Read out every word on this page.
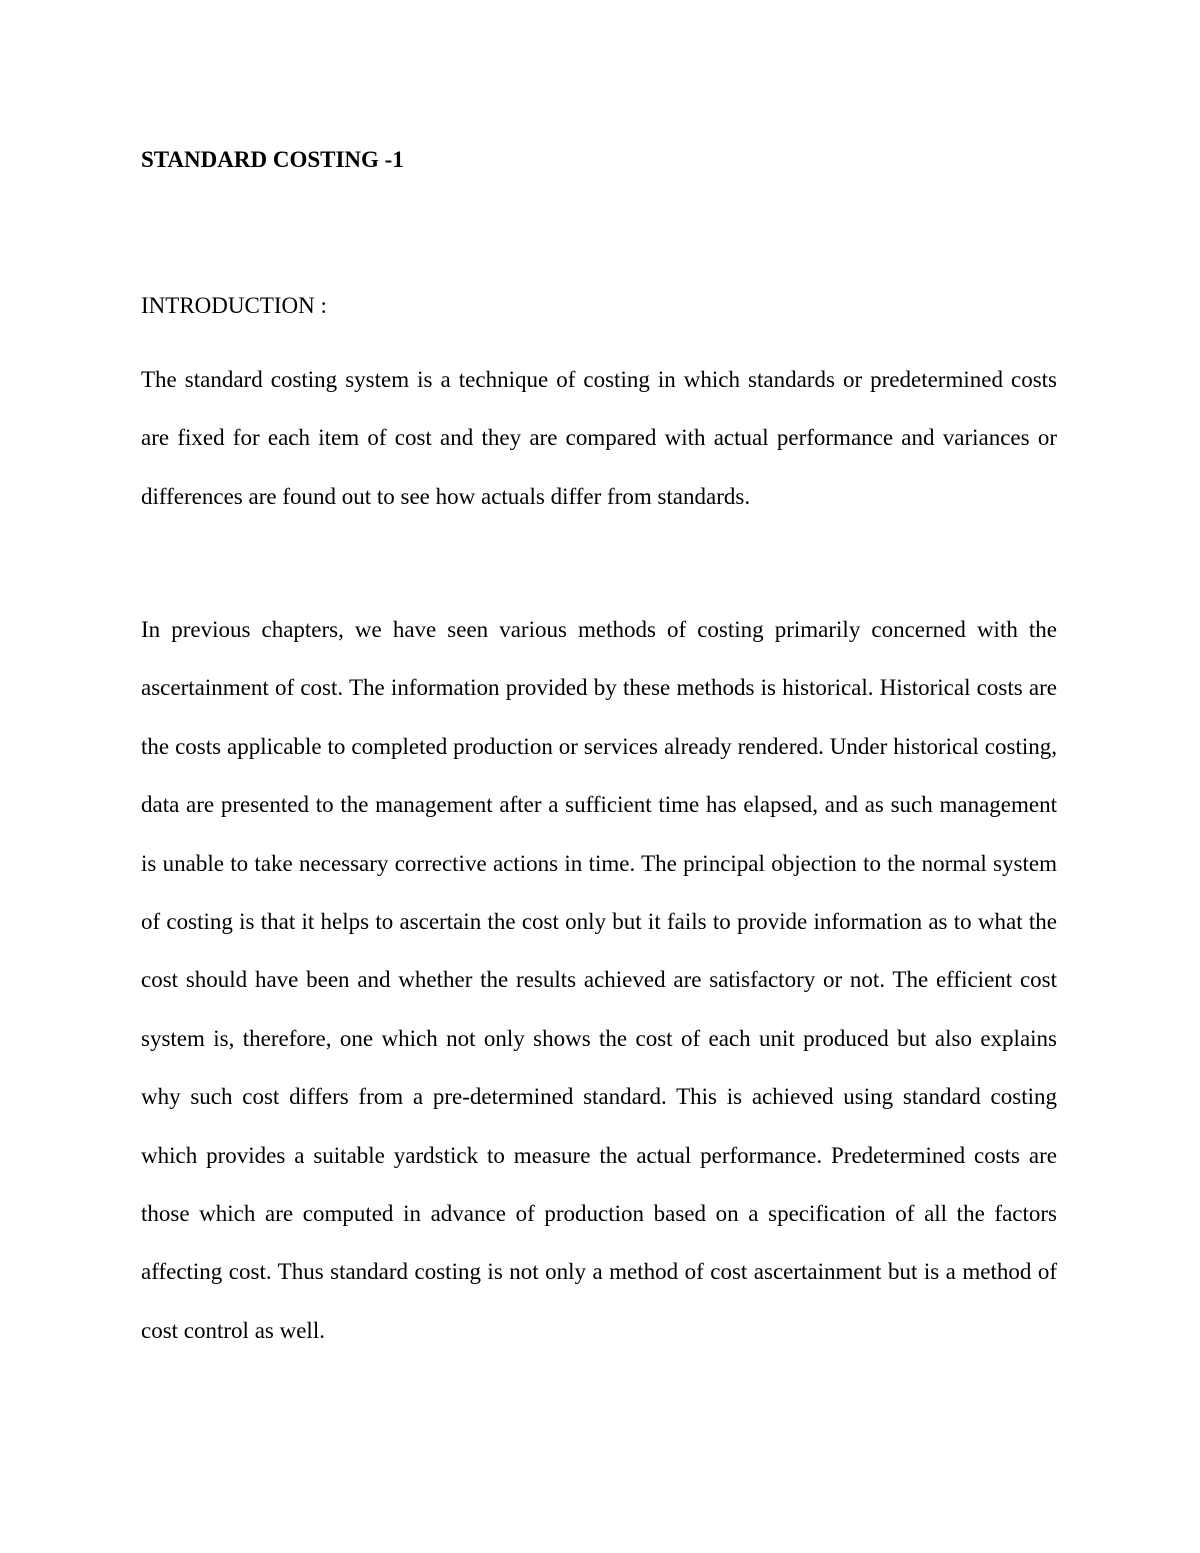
STANDARD COSTING -1
INTRODUCTION :

The standard costing system is a technique of costing in which standards or predetermined costs are fixed for each item of cost and they are compared with actual performance and variances or differences are found out to see how actuals differ from standards.

In previous chapters, we have seen various methods of costing primarily concerned with the ascertainment of cost. The information provided by these methods is historical. Historical costs are the costs applicable to completed production or services already rendered. Under historical costing, data are presented to the management after a sufficient time has elapsed, and as such management is unable to take necessary corrective actions in time. The principal objection to the normal system of costing is that it helps to ascertain the cost only but it fails to provide information as to what the cost should have been and whether the results achieved are satisfactory or not. The efficient cost system is, therefore, one which not only shows the cost of each unit produced but also explains why such cost differs from a pre-determined standard. This is achieved using standard costing which provides a suitable yardstick to measure the actual performance. Predetermined costs are those which are computed in advance of production based on a specification of all the factors affecting cost. Thus standard costing is not only a method of cost ascertainment but is a method of cost control as well.
